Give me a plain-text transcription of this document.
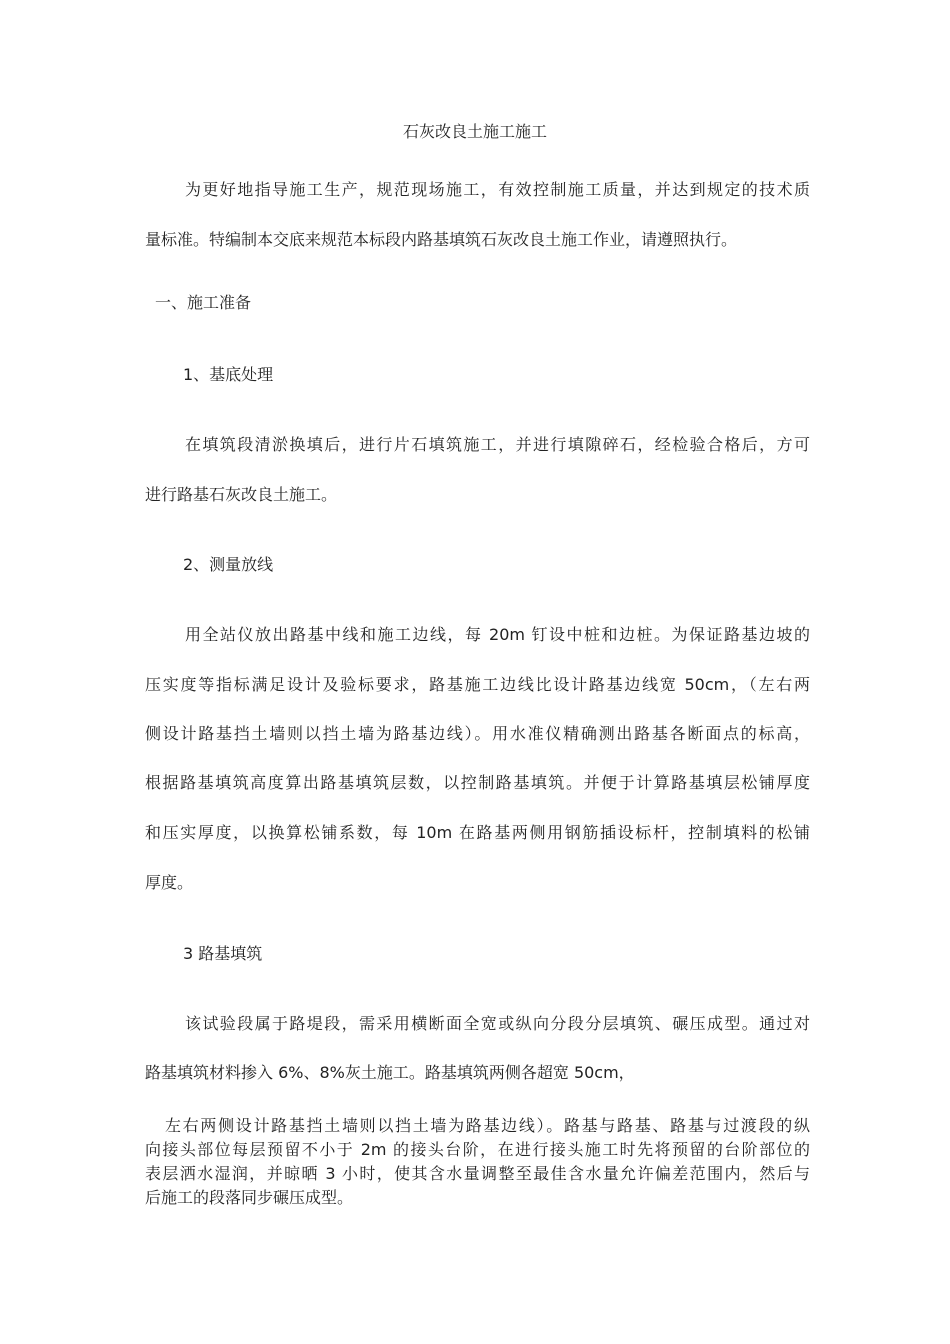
石灰改良土施工施工
为更好地指导施工生产，规范现场施工，有效控制施工质量，并达到规定的技术质
量标准。特编制本交底来规范本标段内路基填筑石灰改良土施工作业，请遵照执行。
一、施工准备
1、基底处理
在填筑段清淤换填后，进行片石填筑施工，并进行填隙碎石，经检验合格后，方可
进行路基石灰改良土施工。
2、测量放线
用全站仪放出路基中线和施工边线，每 20m 钉设中桩和边桩。为保证路基边坡的
压实度等指标满足设计及验标要求，路基施工边线比设计路基边线宽 50cm，（左右两
侧设计路基挡土墙则以挡土墙为路基边线）。用水准仪精确测出路基各断面点的标高，
根据路基填筑高度算出路基填筑层数，以控制路基填筑。并便于计算路基填层松铺厚度
和压实厚度，以换算松铺系数，每 10m 在路基两侧用钢筋插设标杆，控制填料的松铺
厚度。
3 路基填筑
该试验段属于路堤段，需采用横断面全宽或纵向分段分层填筑、碾压成型。通过对
路基填筑材料掺入 6%、8%灰土施工。路基填筑两侧各超宽 50cm，
左右两侧设计路基挡土墙则以挡土墙为路基边线）。路基与路基、路基与过渡段的纵
向接头部位每层预留不小于 2m 的接头台阶，在进行接头施工时先将预留的台阶部位的
表层洒水湿润，并晾晒 3 小时，使其含水量调整至最佳含水量允许偏差范围内，然后与
后施工的段落同步碾压成型。
